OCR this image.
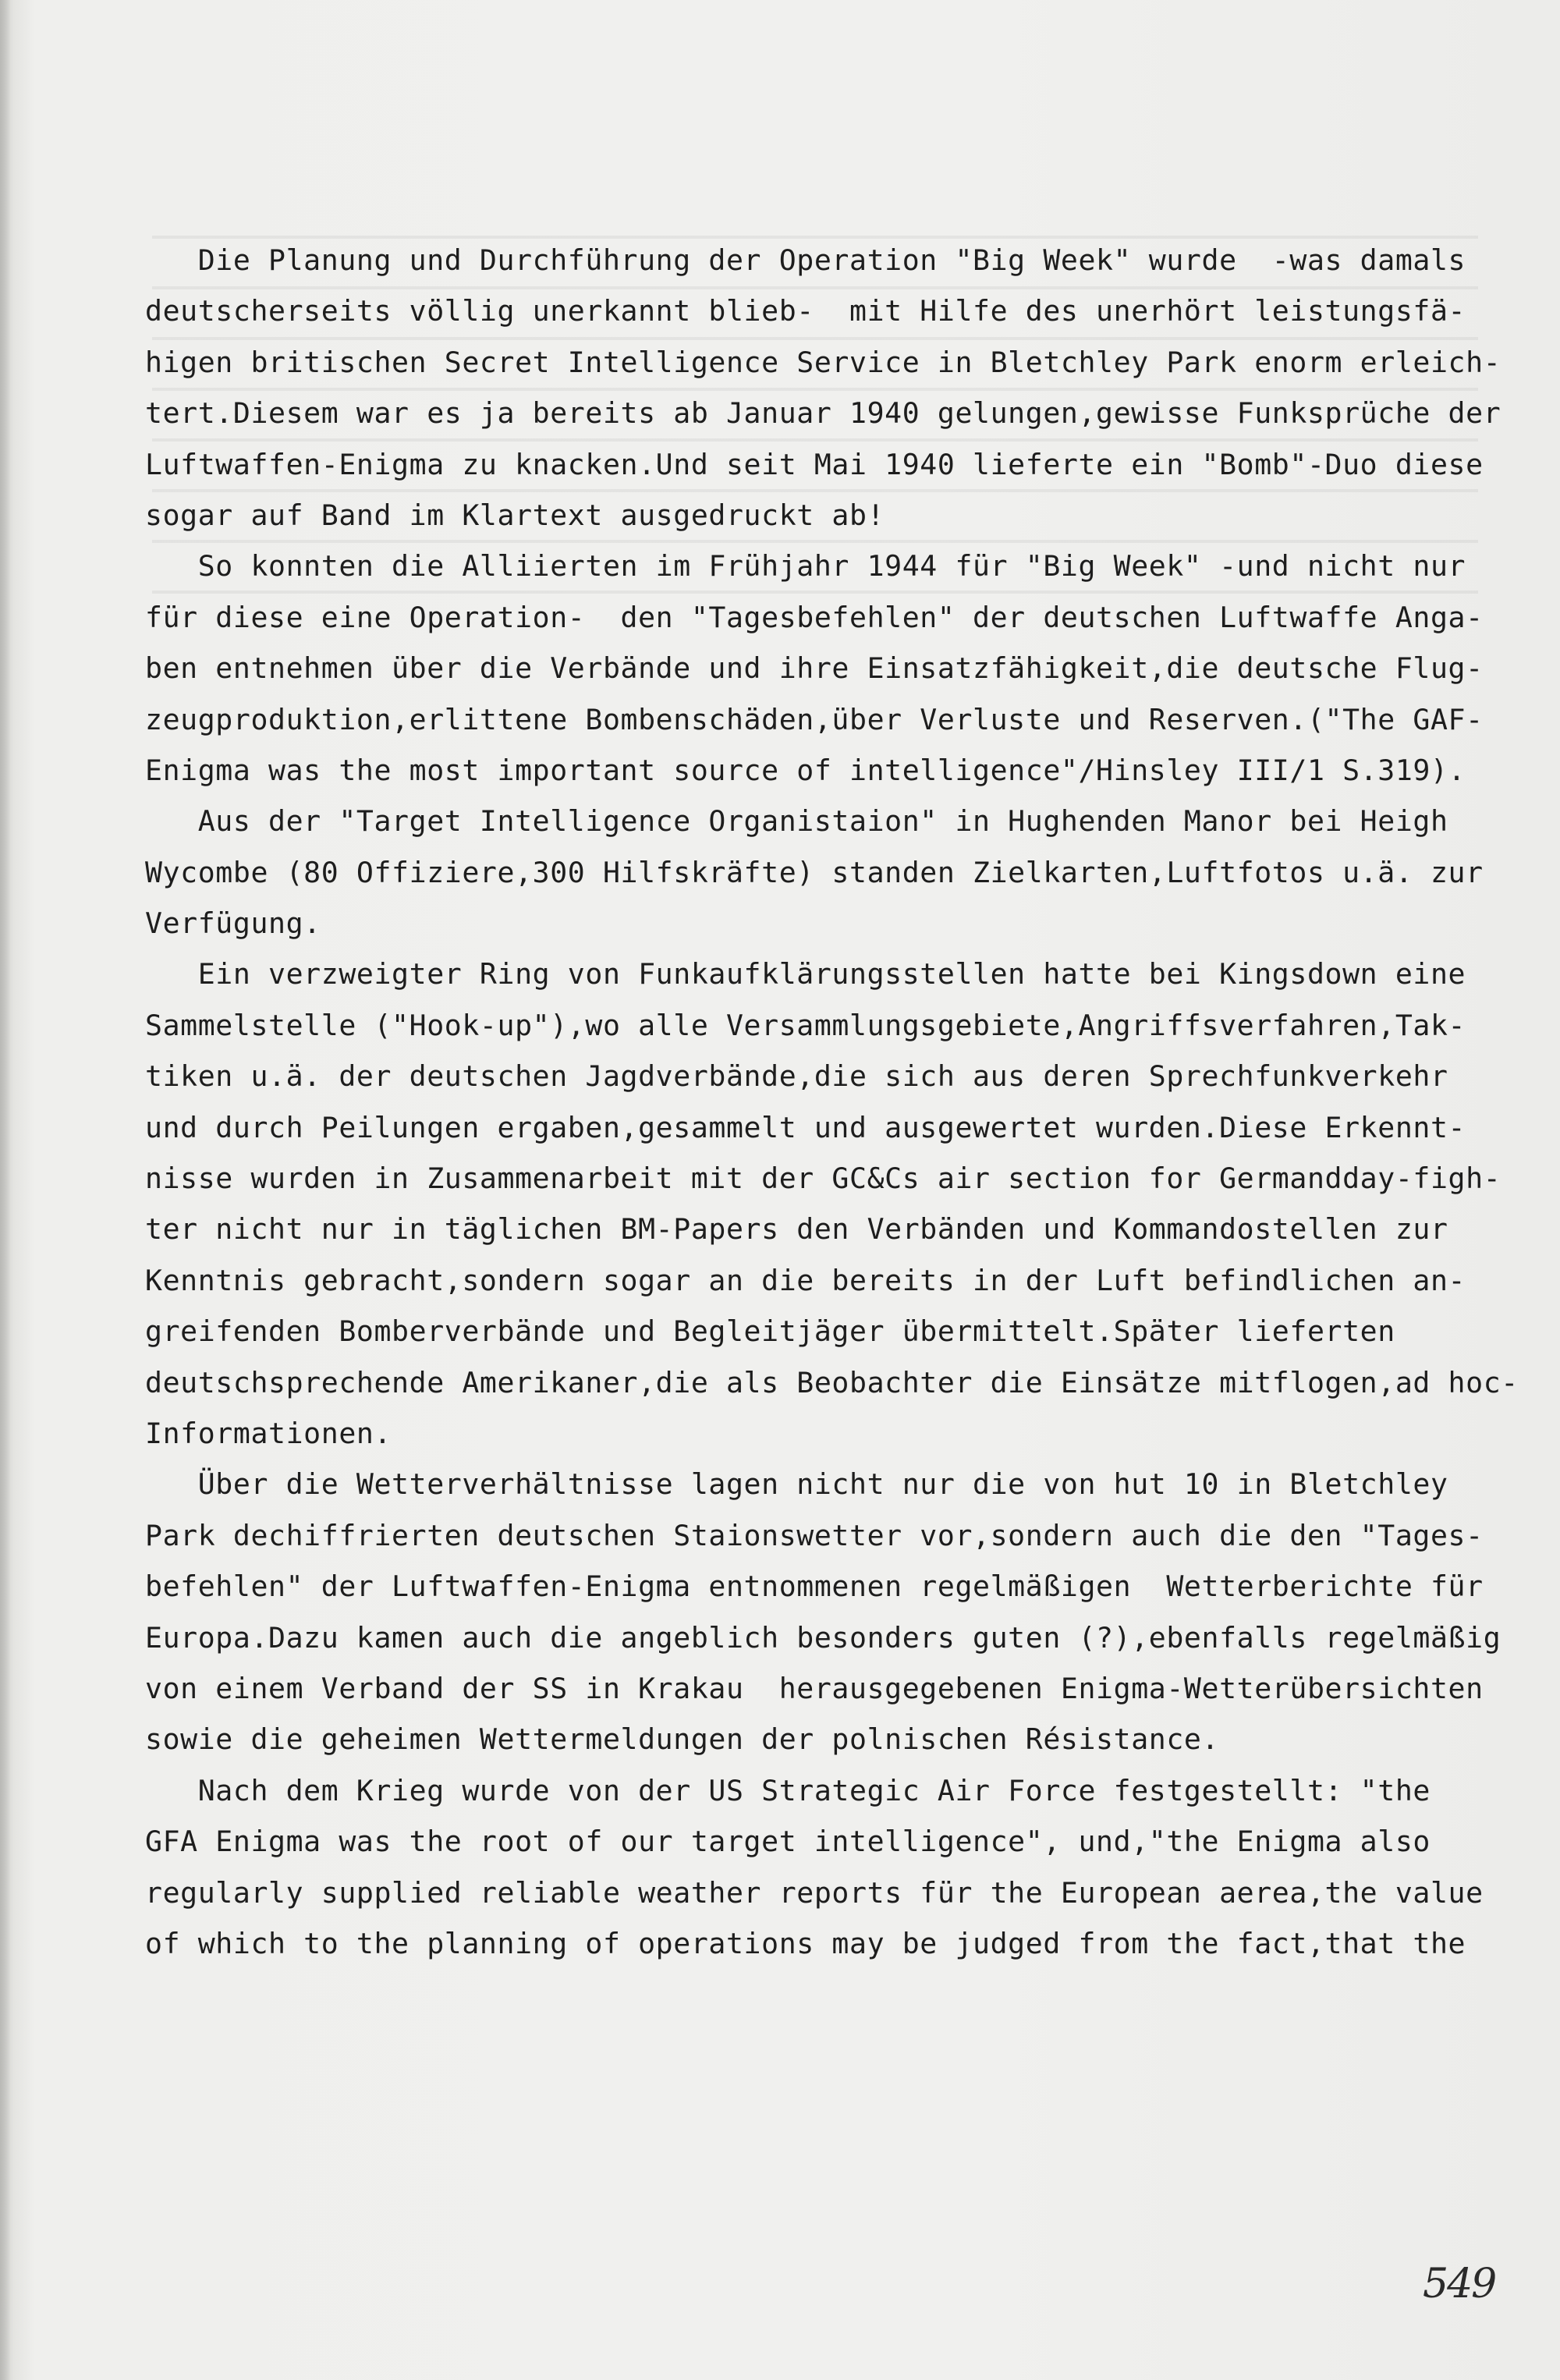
Die Planung und Durchführung der Operation "Big Week" wurde  -was damals
deutscherseits völlig unerkannt blieb-  mit Hilfe des unerhört leistungsfä-
higen britischen Secret Intelligence Service in Bletchley Park enorm erleich-
tert.Diesem war es ja bereits ab Januar 1940 gelungen,gewisse Funksprüche der
Luftwaffen-Enigma zu knacken.Und seit Mai 1940 lieferte ein "Bomb"-Duo diese
sogar auf Band im Klartext ausgedruckt ab!
So konnten die Alliierten im Frühjahr 1944 für "Big Week" -und nicht nur
für diese eine Operation-  den "Tagesbefehlen" der deutschen Luftwaffe Anga-
ben entnehmen über die Verbände und ihre Einsatzfähigkeit,die deutsche Flug-
zeugproduktion,erlittene Bombenschäden,über Verluste und Reserven.("The GAF-
Enigma was the most important source of intelligence"/Hinsley III/1 S.319).
Aus der "Target Intelligence Organistaion" in Hughenden Manor bei Heigh
Wycombe (80 Offiziere,300 Hilfskräfte) standen Zielkarten,Luftfotos u.ä. zur
Verfügung.
Ein verzweigter Ring von Funkaufklärungsstellen hatte bei Kingsdown eine
Sammelstelle ("Hook-up"),wo alle Versammlungsgebiete,Angriffsverfahren,Tak-
tiken u.ä. der deutschen Jagdverbände,die sich aus deren Sprechfunkverkehr
und durch Peilungen ergaben,gesammelt und ausgewertet wurden.Diese Erkennt-
nisse wurden in Zusammenarbeit mit der GC&Cs air section for Germandday-figh-
ter nicht nur in täglichen BM-Papers den Verbänden und Kommandostellen zur
Kenntnis gebracht,sondern sogar an die bereits in der Luft befindlichen an-
greifenden Bomberverbände und Begleitjäger übermittelt.Später lieferten
deutschsprechende Amerikaner,die als Beobachter die Einsätze mitflogen,ad hoc-
Informationen.
Über die Wetterverhältnisse lagen nicht nur die von hut 10 in Bletchley
Park dechiffrierten deutschen Staionswetter vor,sondern auch die den "Tages-
befehlen" der Luftwaffen-Enigma entnommenen regelmäßigen  Wetterberichte für
Europa.Dazu kamen auch die angeblich besonders guten (?),ebenfalls regelmäßig
von einem Verband der SS in Krakau  herausgegebenen Enigma-Wetterübersichten
sowie die geheimen Wettermeldungen der polnischen Résistance.
Nach dem Krieg wurde von der US Strategic Air Force festgestellt: "the
GFA Enigma was the root of our target intelligence", und,"the Enigma also
regularly supplied reliable weather reports für the European aerea,the value
of which to the planning of operations may be judged from the fact,that the
549
